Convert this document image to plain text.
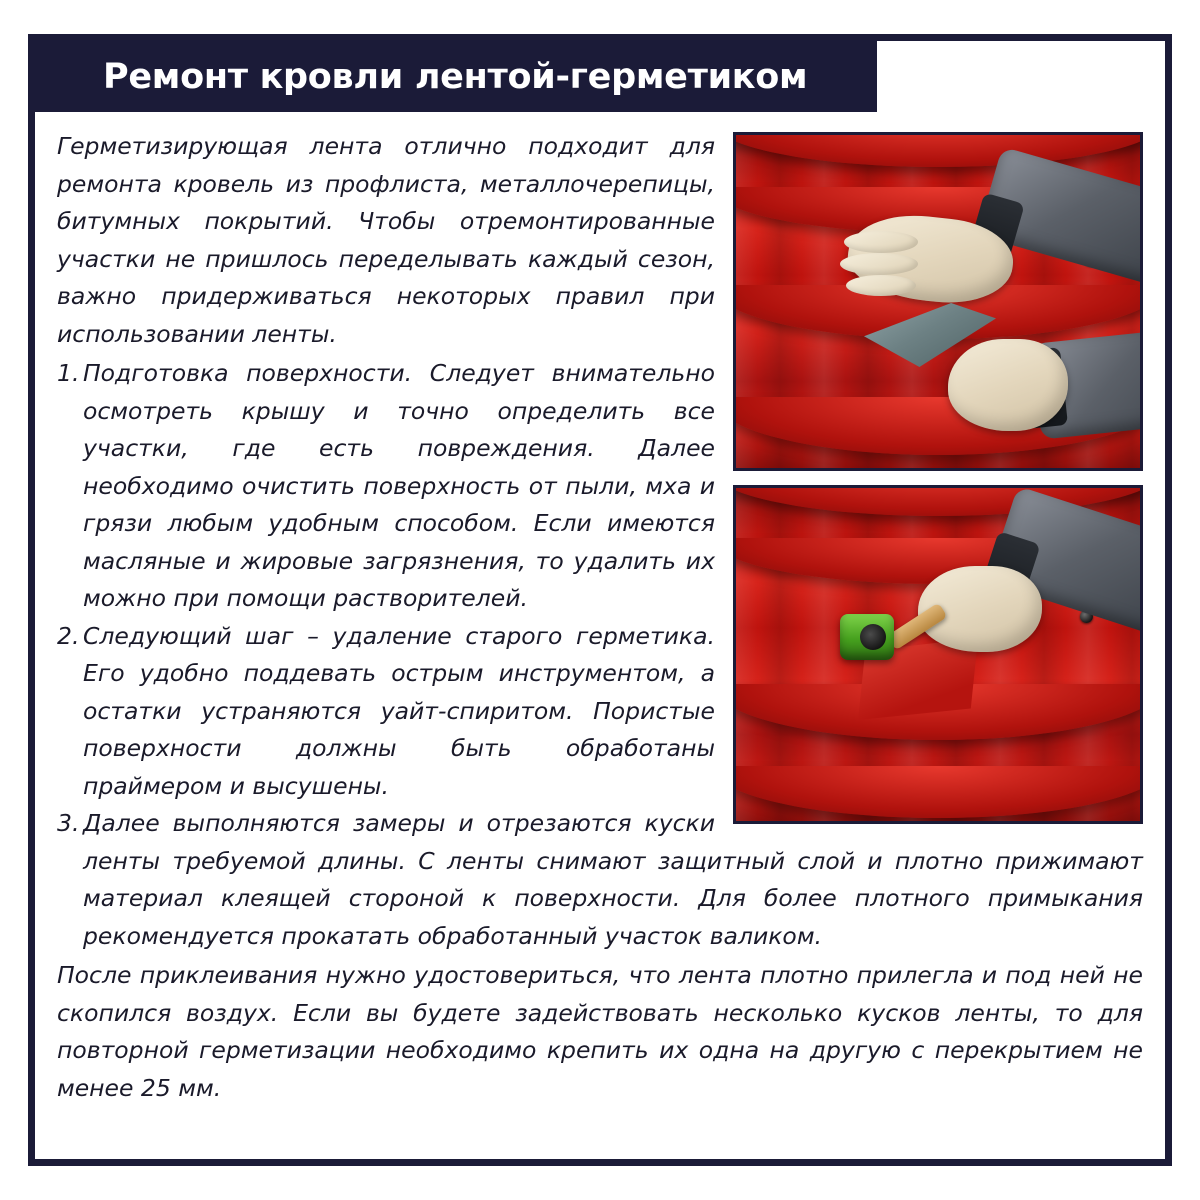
Ремонт кровли лентой-герметиком

Герметизирующая лента отлично подходит для ремонта кровель из профлиста, металлочерепицы, битумных покрытий. Чтобы отремонтированные участки не пришлось переделывать каждый сезон, важно придерживаться некоторых правил при использовании ленты.

1. Подготовка поверхности. Следует внимательно осмотреть крышу и точно определить все участки, где есть повреждения. Далее необходимо очистить поверхность от пыли, мха и грязи любым удобным способом. Если имеются масляные и жировые загрязнения, то удалить их можно при помощи растворителей.
2. Следующий шаг – удаление старого герметика. Его удобно поддевать острым инструментом, а остатки устраняются уайт-спиритом. Пористые поверхности должны быть обработаны праймером и высушены.
3. Далее выполняются замеры и отрезаются куски ленты требуемой длины. С ленты снимают защитный слой и плотно прижимают материал клеящей стороной к поверхности. Для более плотного примыкания рекомендуется прокатать обработанный участок валиком.

После приклеивания нужно удостовериться, что лента плотно прилегла и под ней не скопился воздух. Если вы будете задействовать несколько кусков ленты, то для повторной герметизации необходимо крепить их одна на другую с перекрытием не менее 25 мм.
